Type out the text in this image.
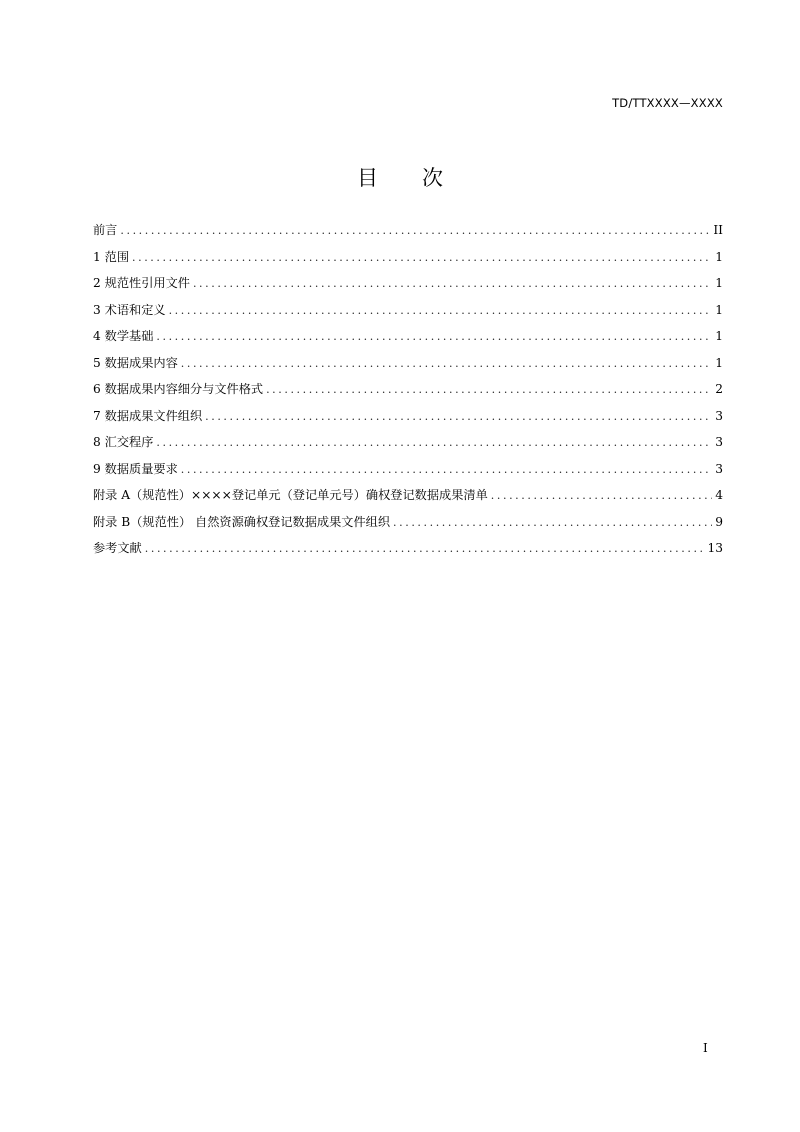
TD/TTXXXX—XXXX
目 次
前言 .....	II
1 范围 .....	1
2 规范性引用文件 .....	1
3 术语和定义 .....	1
4 数学基础 .....	1
5 数据成果内容 .....	1
6 数据成果内容细分与文件格式 .....	2
7 数据成果文件组织 .....	3
8 汇交程序 .....	3
9 数据质量要求 .....	3
附录 A（规范性）××××登记单元（登记单元号）确权登记数据成果清单 .....	4
附录 B（规范性） 自然资源确权登记数据成果文件组织 .....	9
参考文献 .....	13
I
